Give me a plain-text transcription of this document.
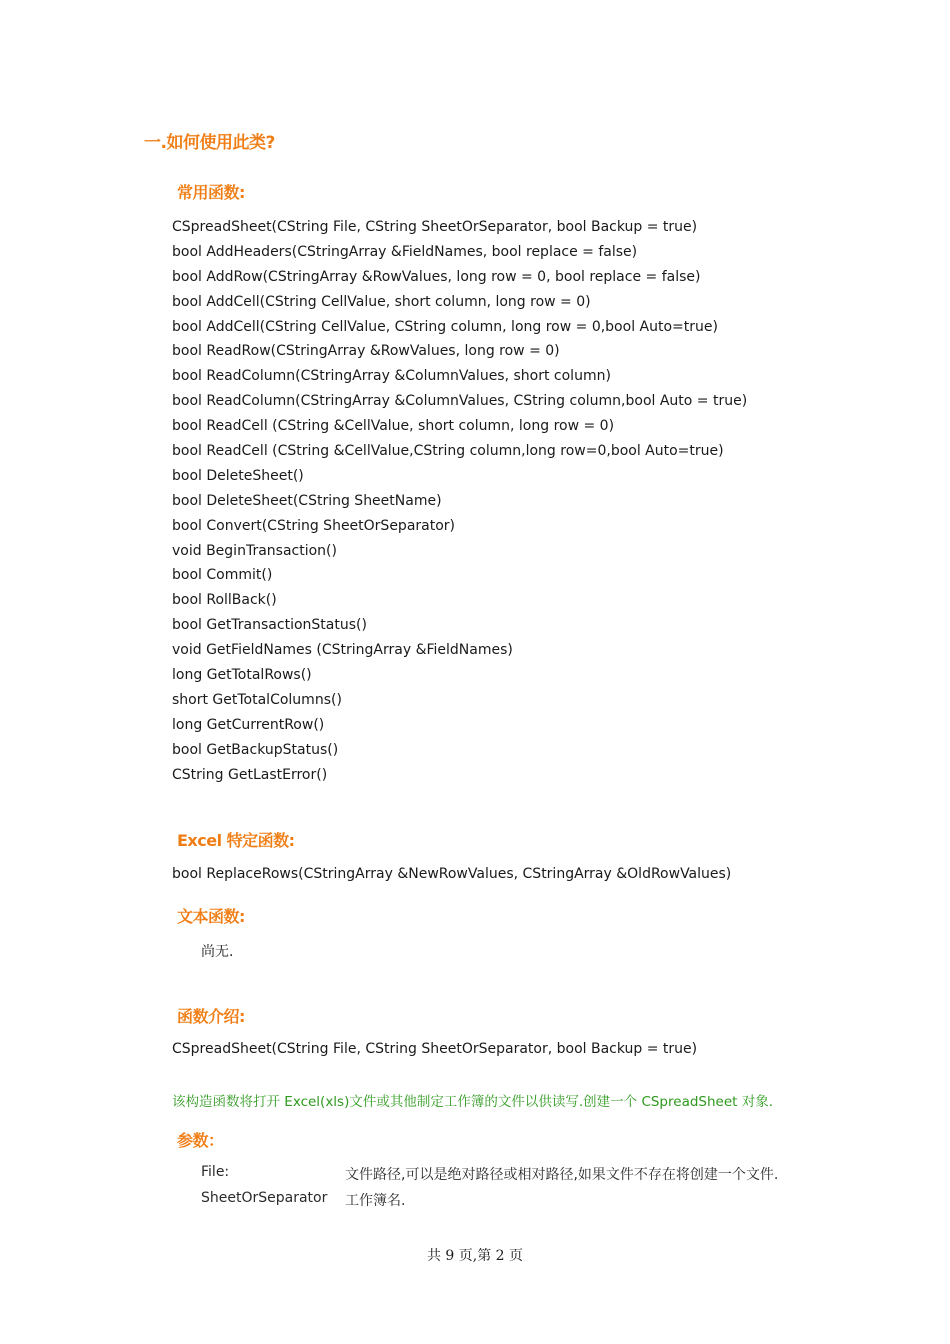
一.如何使用此类?
常用函数:
CSpreadSheet(CString File, CString SheetOrSeparator, bool Backup = true)
bool AddHeaders(CStringArray &FieldNames, bool replace = false)
bool AddRow(CStringArray &RowValues, long row = 0, bool replace = false)
bool AddCell(CString CellValue, short column, long row = 0)
bool AddCell(CString CellValue, CString column, long row = 0,bool Auto=true)
bool ReadRow(CStringArray &RowValues, long row = 0)
bool ReadColumn(CStringArray &ColumnValues, short column)
bool ReadColumn(CStringArray &ColumnValues, CString column,bool Auto = true)
bool ReadCell (CString &CellValue, short column, long row = 0)
bool ReadCell (CString &CellValue,CString column,long row=0,bool Auto=true)
bool DeleteSheet()
bool DeleteSheet(CString SheetName)
bool Convert(CString SheetOrSeparator)
void BeginTransaction()
bool Commit()
bool RollBack()
bool GetTransactionStatus()
void GetFieldNames (CStringArray &FieldNames)
long GetTotalRows()
short GetTotalColumns()
long GetCurrentRow()
bool GetBackupStatus()
CString GetLastError()
Excel 特定函数:
bool ReplaceRows(CStringArray &NewRowValues, CStringArray &OldRowValues)
文本函数:
尚无.
函数介绍:
CSpreadSheet(CString File, CString SheetOrSeparator, bool Backup = true)
该构造函数将打开 Excel(xls)文件或其他制定工作簿的文件以供读写.创建一个 CSpreadSheet 对象.
参数：
File:	文件路径,可以是绝对路径或相对路径,如果文件不存在将创建一个文件.
SheetOrSeparator 工作簿名.
共 9 页,第 2 页
